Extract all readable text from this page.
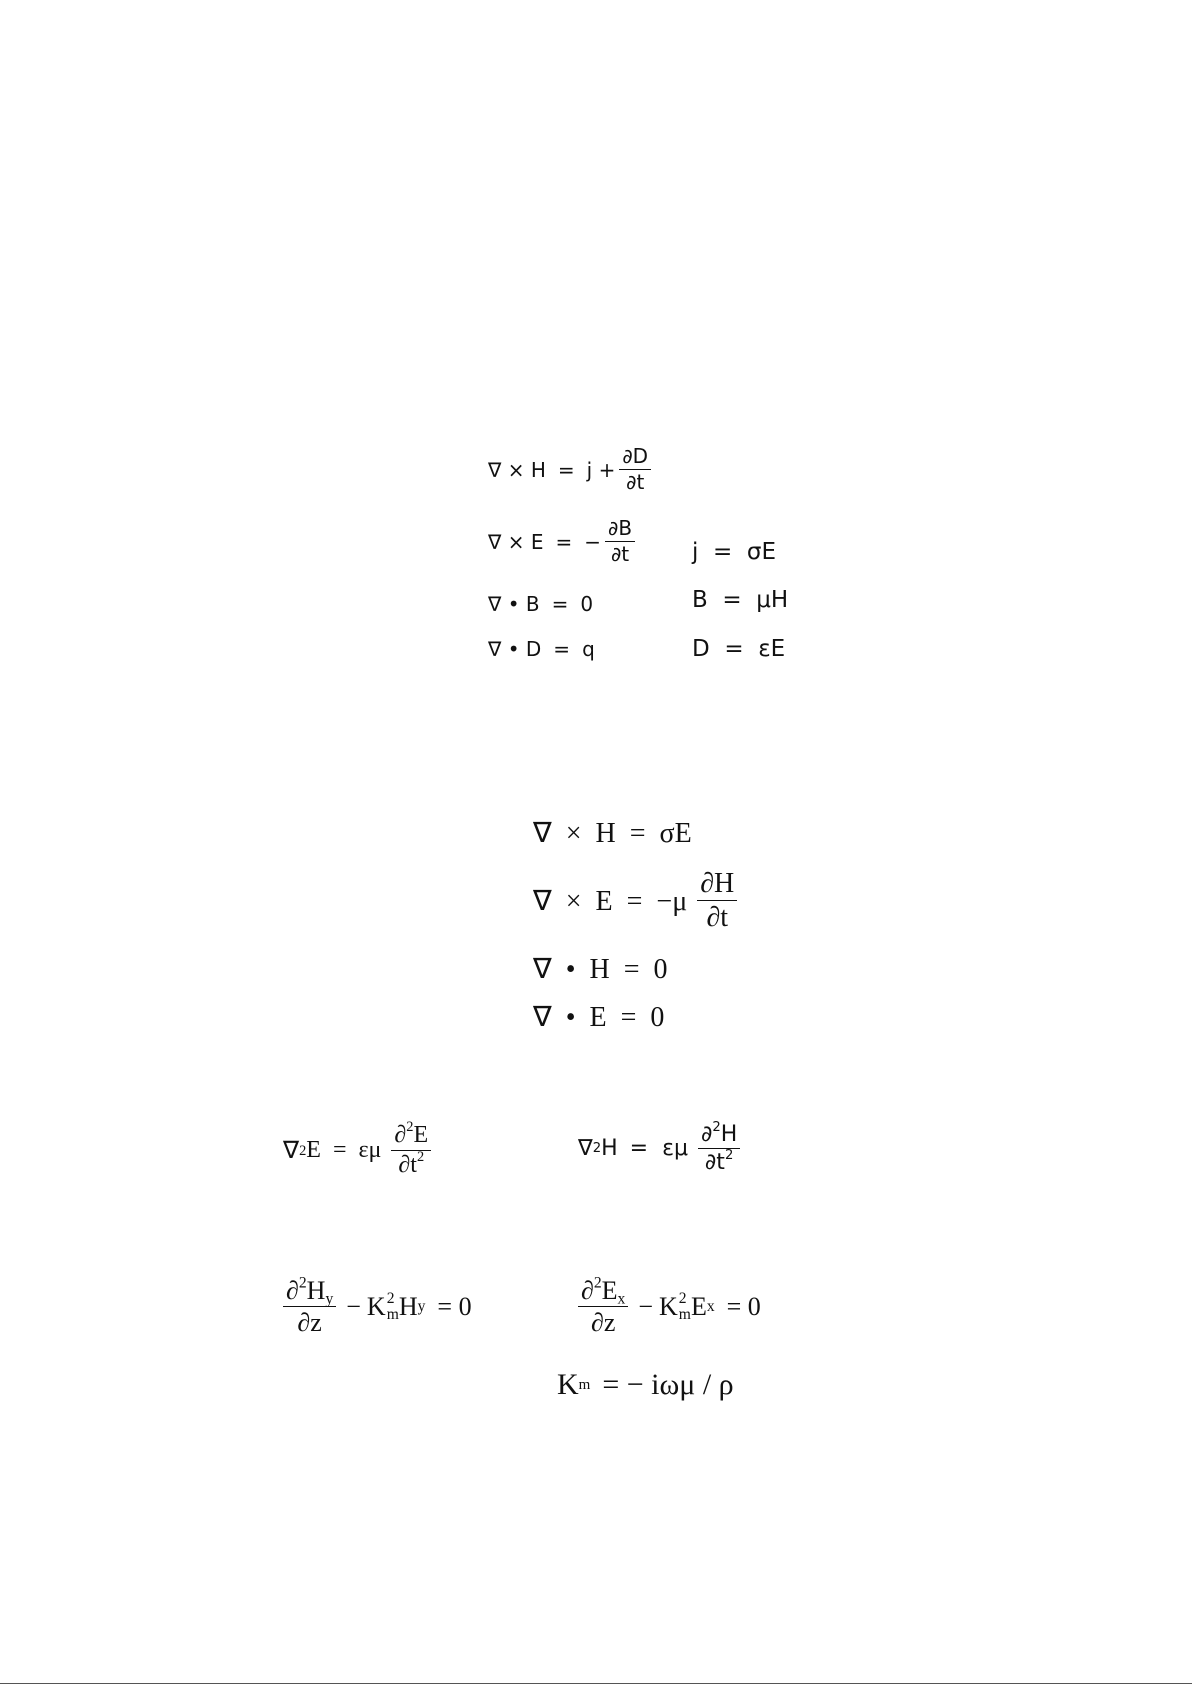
∇ × $H = j + \frac{\partial D}{\partial t}$
∇ × E = − $\frac{\partial B}{\partial t}$
∇ • B = 0
∇ • D = q
j  =  σE
B  =  μH
D  =  εE
∇  ×  H  =  σE
∇  ×  $E = -\mu \frac{\partial H}{\partial t}$
∇  •  H  =  0
∇  •  E  =  0
∇ 2 E =  εμ $\frac{\partial^2E}{\partial t^2}$	∇ 2 H =  εμ $\frac{\partial^2H}{\partial t^2}$
$\frac{\partial^2H_y}{\partial z} - K$ 2
m H y = 0	$\frac{\partial^2E_x}{\partial z} - K$ 2
m E x = 0
K m = − iωμ / ρ
